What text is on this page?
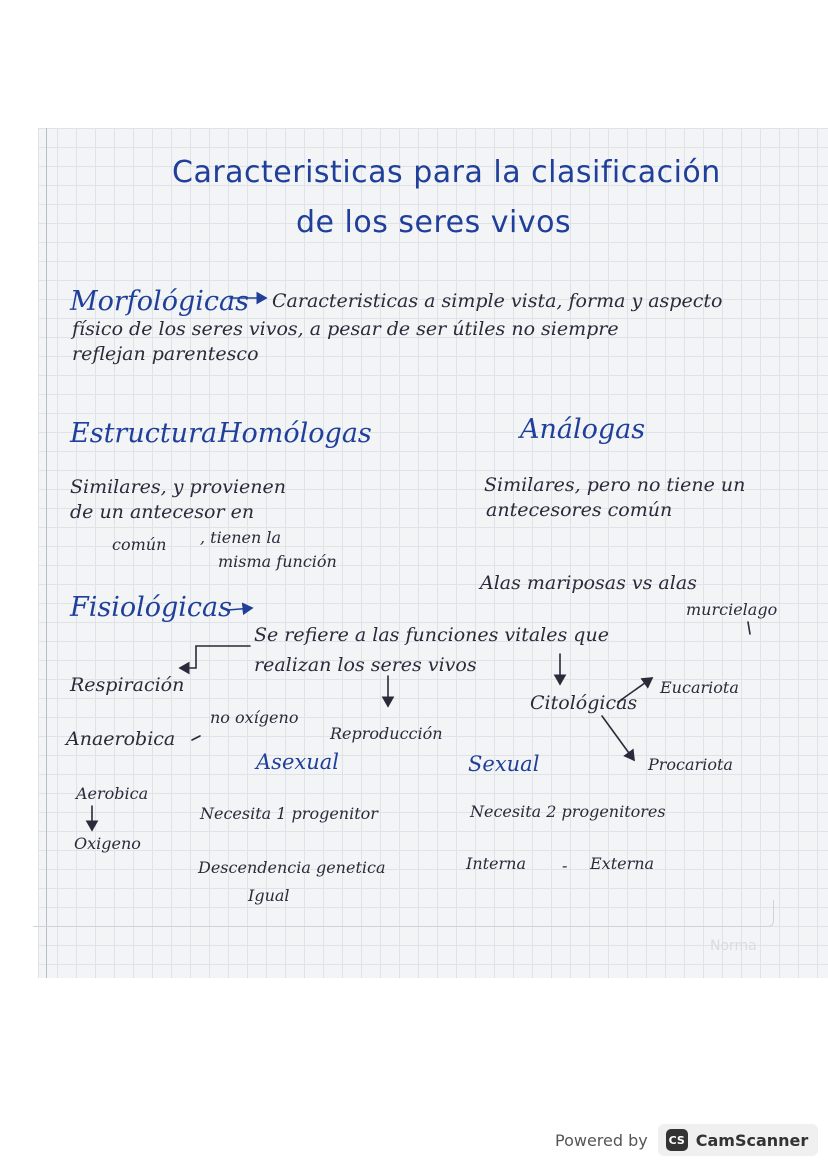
Caracteristicas para la clasificación
de los seres vivos
Morfológicas Caracteristicas a simple vista, forma y aspecto
físico de los seres vivos, a pesar de ser útiles no siempre
reflejan parentesco
Estructura Homólogas	Análogas
Similares, y provienen
de un antecesor en
común , tienen la
misma función
Similares, pero no tiene un
antecesores común
Alas mariposas vs alas
murcielago
Fisiológicas
Se refiere a las funciones vitales que
realizan los seres vivos
Respiración
no oxígeno
Anaerobica
Aerobica
Oxigeno
Reproducción
Citológicas
Eucariota
Procariota
Asexual	Sexual
Necesita 1 progenitor
Descendencia genetica
Igual
Necesita 2 progenitores
Interna - Externa
Norma
Powered by CS CamScanner
